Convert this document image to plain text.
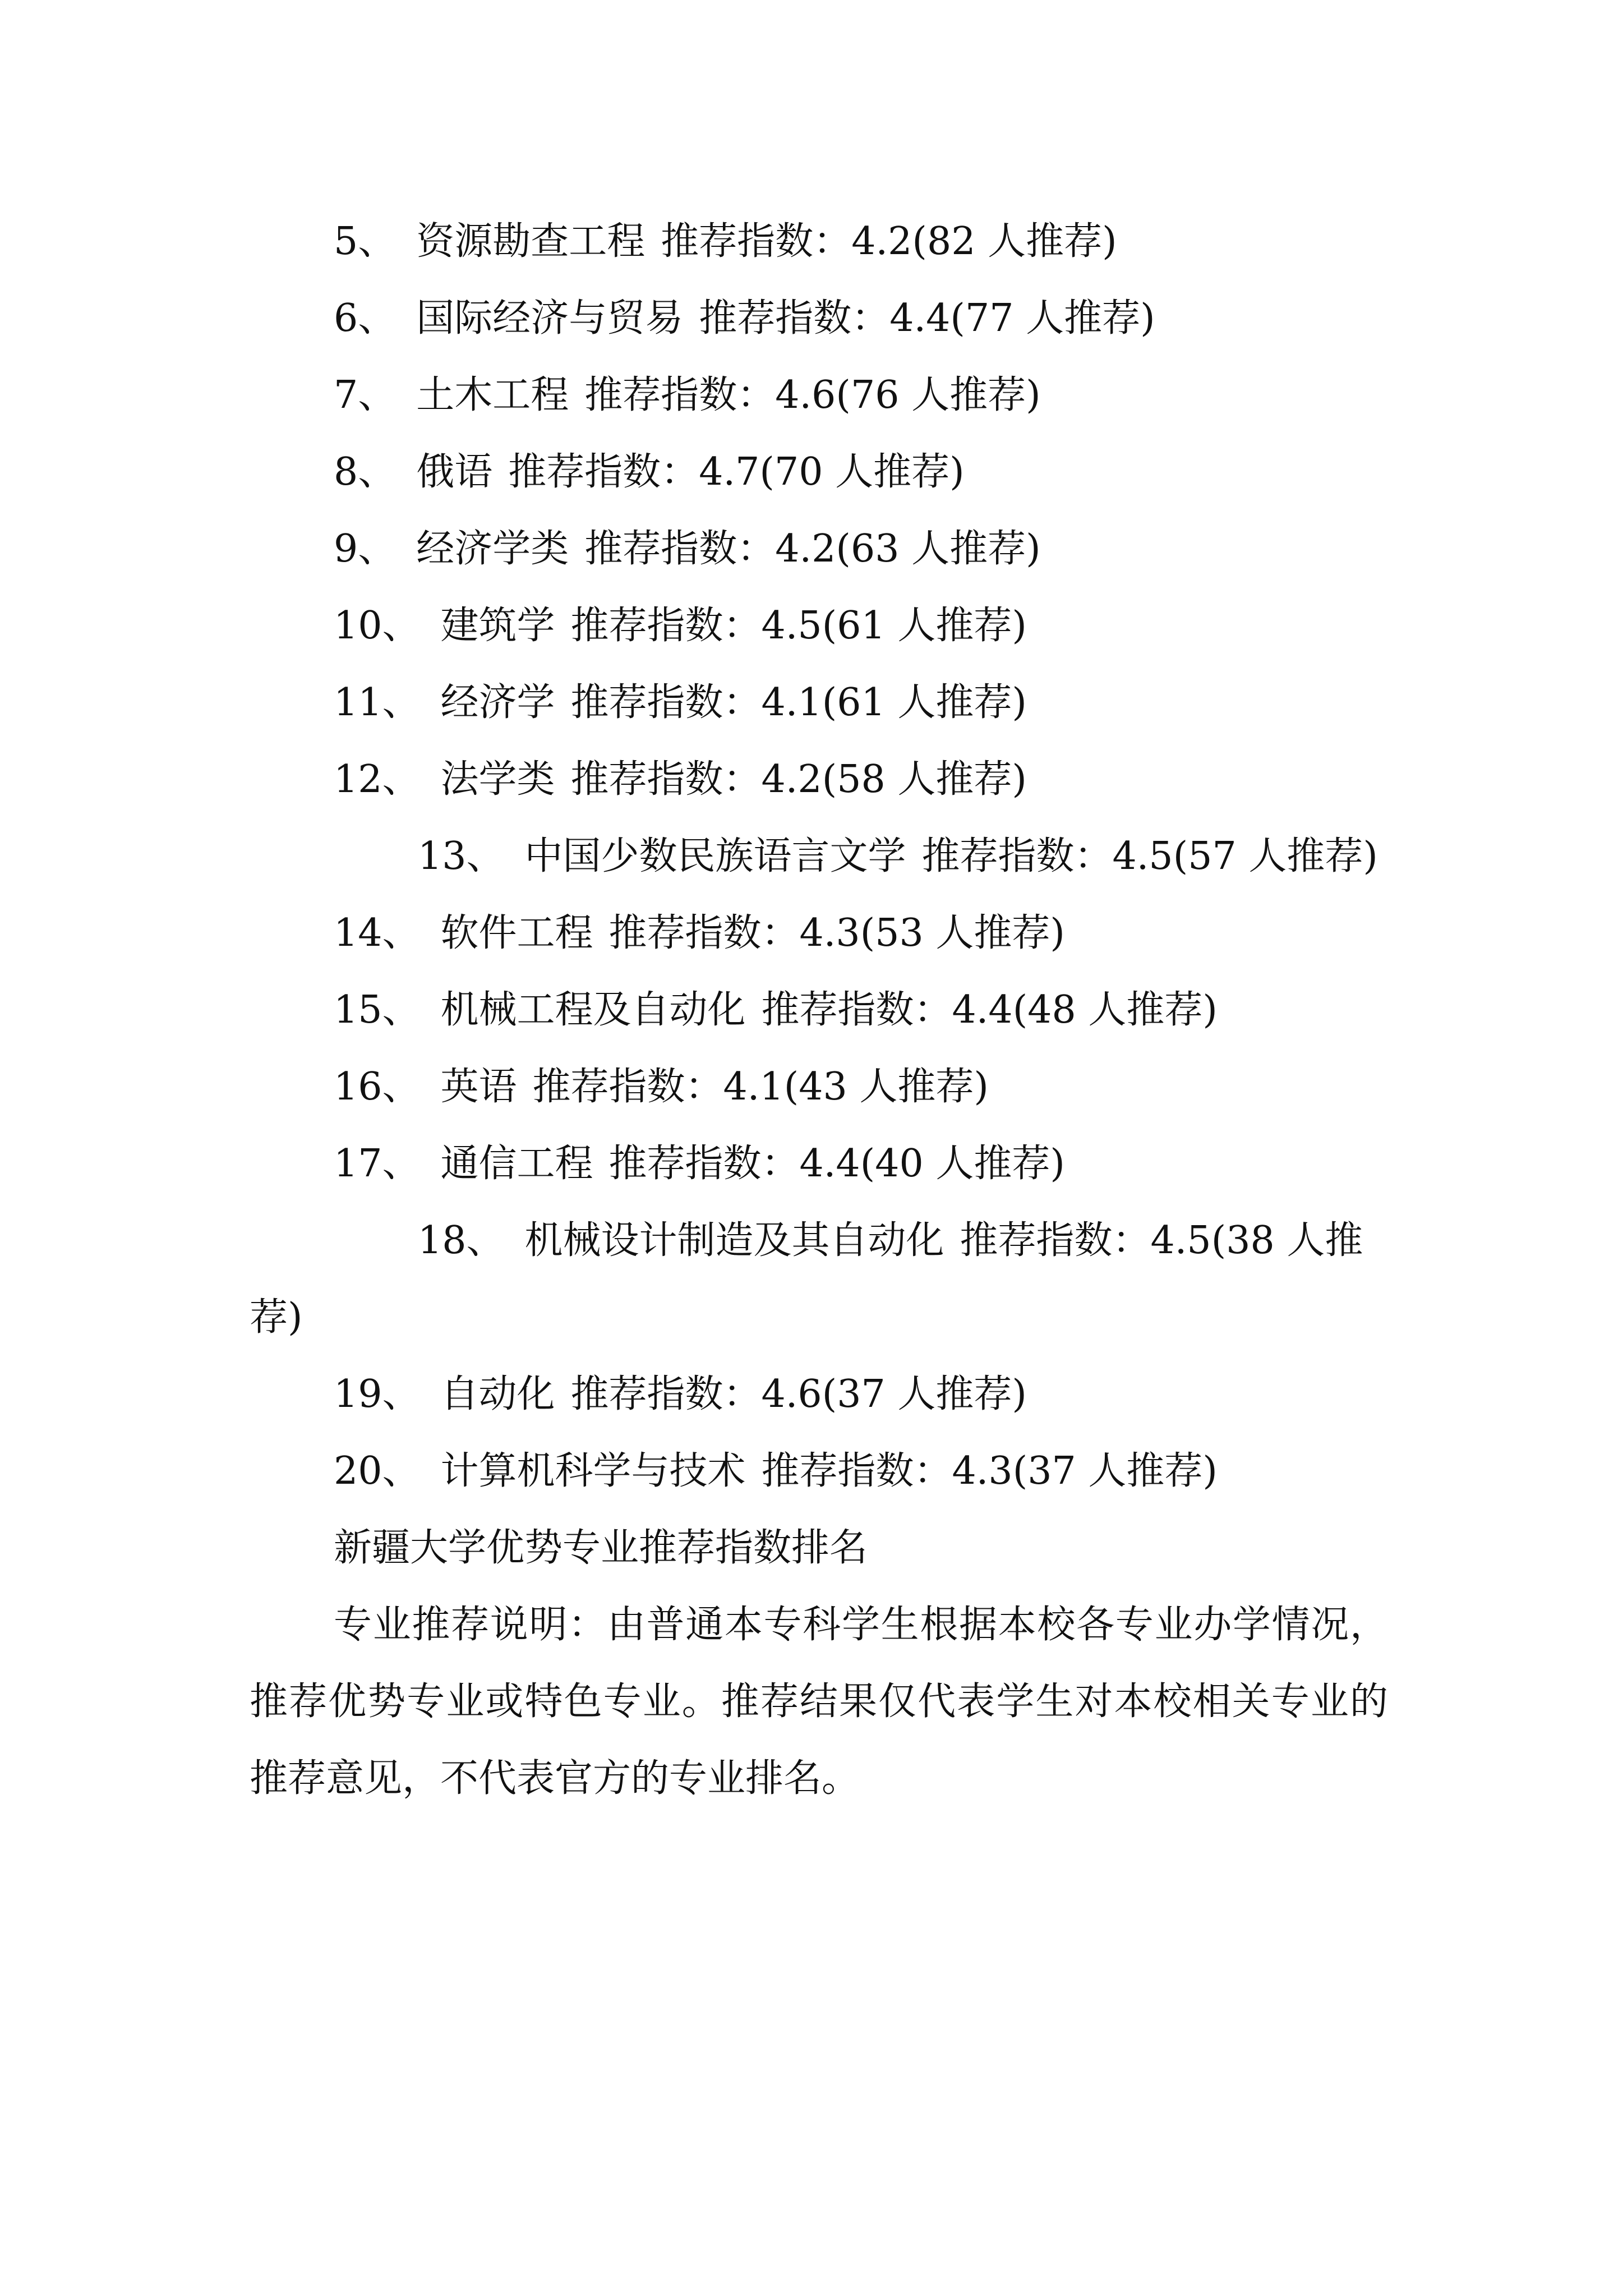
5、 资源勘查工程 推荐指数：4.2(82 人推荐)

6、 国际经济与贸易 推荐指数：4.4(77 人推荐)

7、 土木工程 推荐指数：4.6(76 人推荐)

8、 俄语 推荐指数：4.7(70 人推荐)

9、 经济学类 推荐指数：4.2(63 人推荐)

10、 建筑学 推荐指数：4.5(61 人推荐)

11、 经济学 推荐指数：4.1(61 人推荐)

12、 法学类 推荐指数：4.2(58 人推荐)

13、 中国少数民族语言文学 推荐指数：4.5(57 人推荐)

14、 软件工程 推荐指数：4.3(53 人推荐)

15、 机械工程及自动化 推荐指数：4.4(48 人推荐)

16、 英语 推荐指数：4.1(43 人推荐)

17、 通信工程 推荐指数：4.4(40 人推荐)

18、 机械设计制造及其自动化 推荐指数：4.5(38 人推荐)

19、 自动化 推荐指数：4.6(37 人推荐)

20、 计算机科学与技术 推荐指数：4.3(37 人推荐)

新疆大学优势专业推荐指数排名

专业推荐说明：由普通本专科学生根据本校各专业办学情况，推荐优势专业或特色专业。推荐结果仅代表学生对本校相关专业的推荐意见，不代表官方的专业排名。
